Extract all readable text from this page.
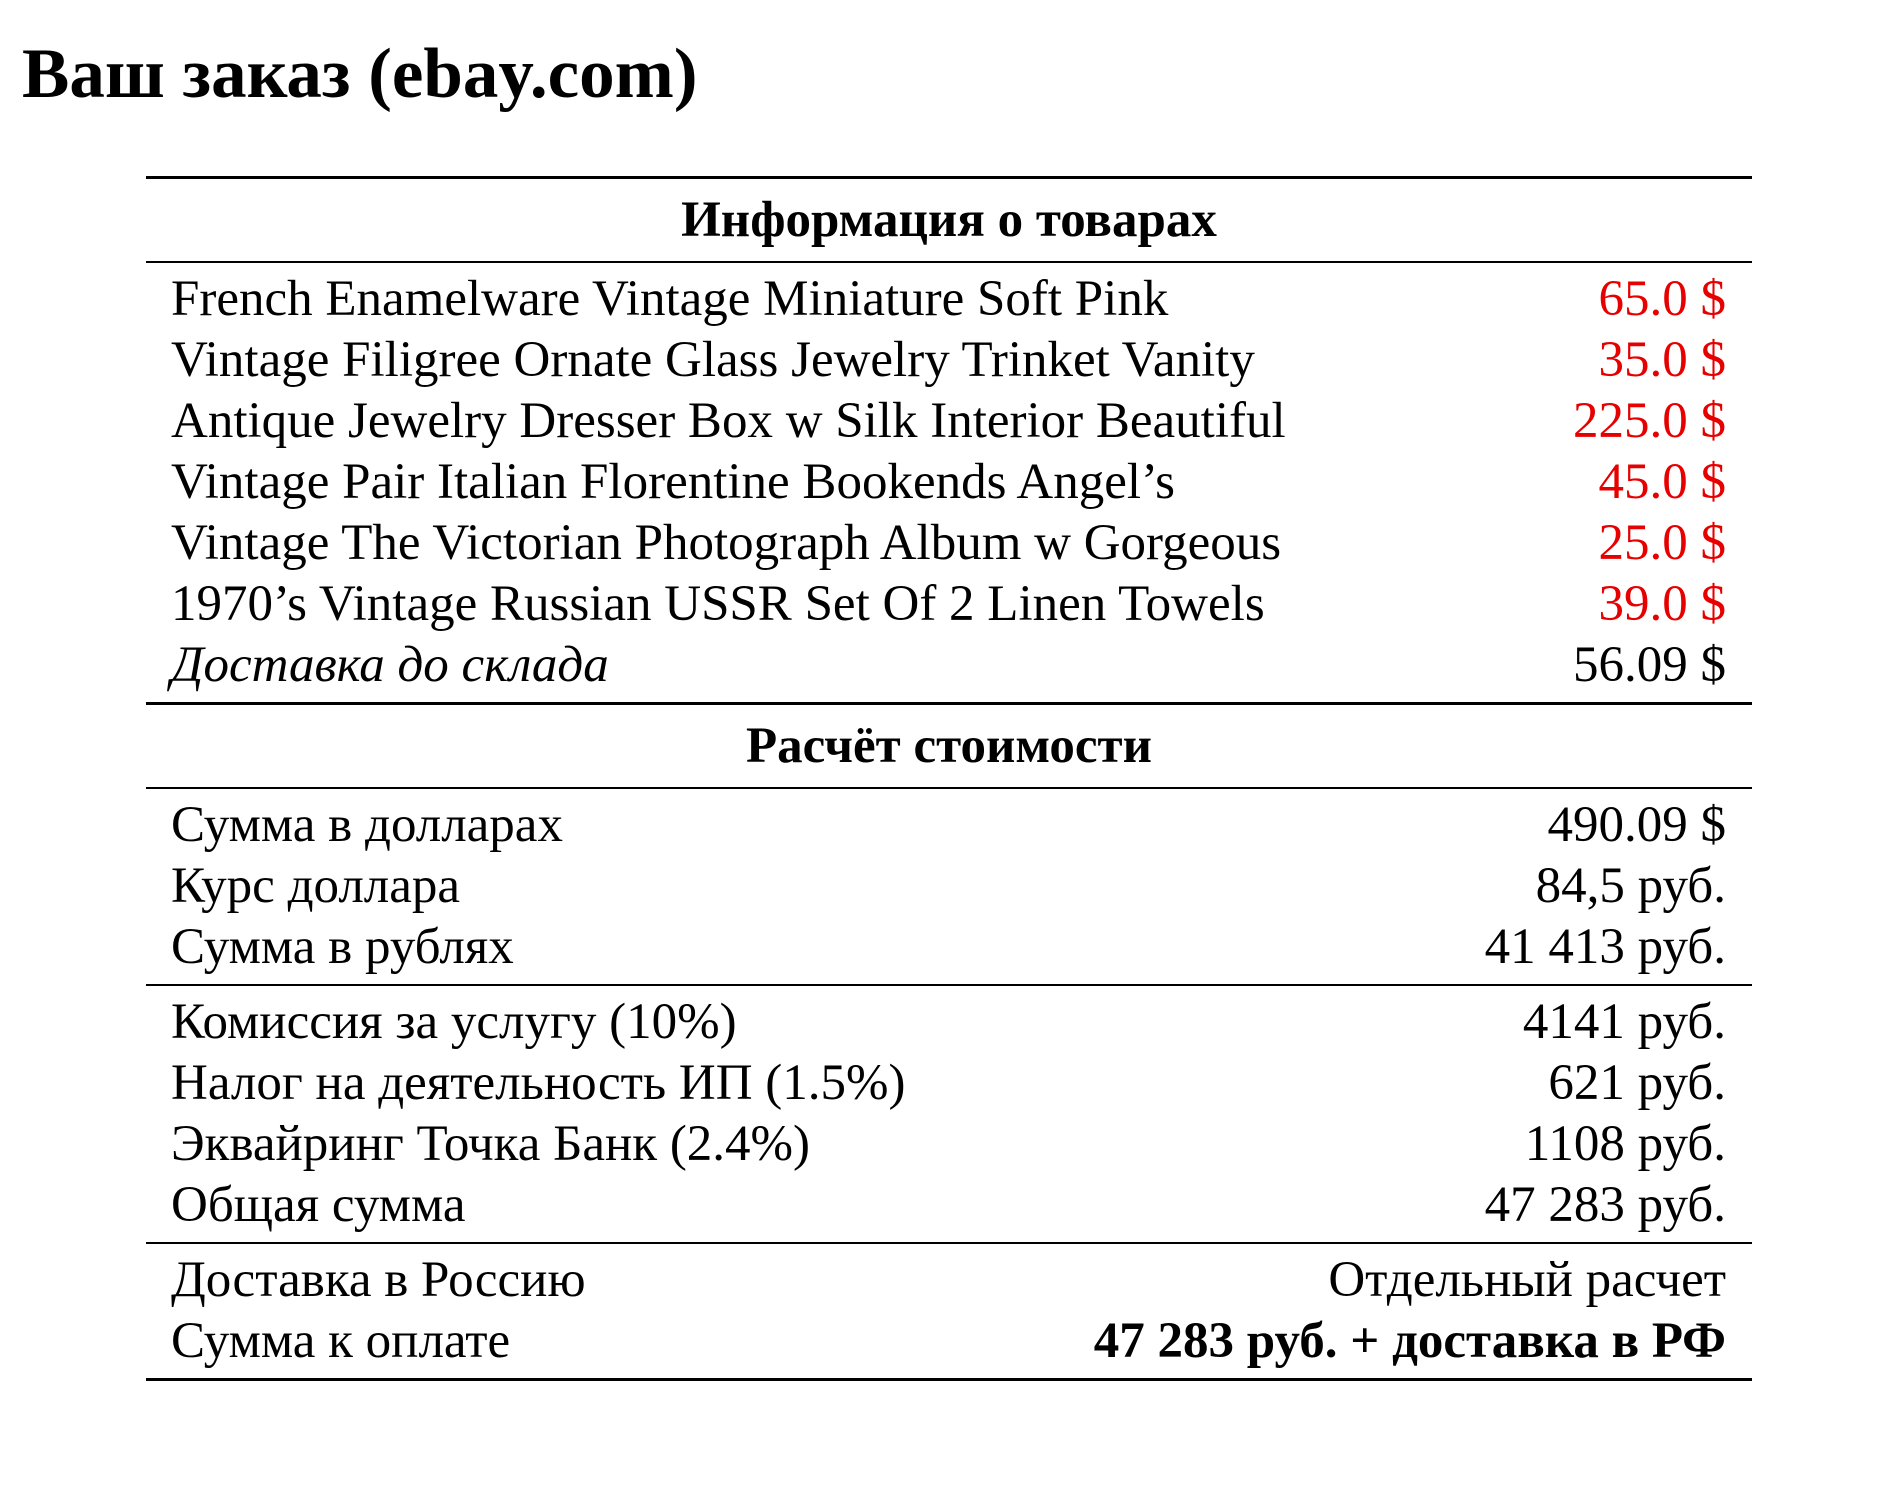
Ваш заказ (ebay.com)
Информация о товарах
French Enamelware Vintage Miniature Soft Pink	65.0 $
Vintage Filigree Ornate Glass Jewelry Trinket Vanity	35.0 $
Antique Jewelry Dresser Box w Silk Interior Beautiful	225.0 $
Vintage Pair Italian Florentine Bookends Angel’s	45.0 $
Vintage The Victorian Photograph Album w Gorgeous	25.0 $
1970’s Vintage Russian USSR Set Of 2 Linen Towels	39.0 $
Доставка до склада	56.09 $
Расчёт стоимости
Сумма в долларах	490.09 $
Курс доллара	84,5 руб.
Сумма в рублях	41 413 руб.
Комиссия за услугу (10%)	4141 руб.
Налог на деятельность ИП (1.5%)	621 руб.
Эквайринг Точка Банк (2.4%)	1108 руб.
Общая сумма	47 283 руб.
Доставка в Россию	Отдельный расчет
Сумма к оплате	47 283 руб. + доставка в РФ
